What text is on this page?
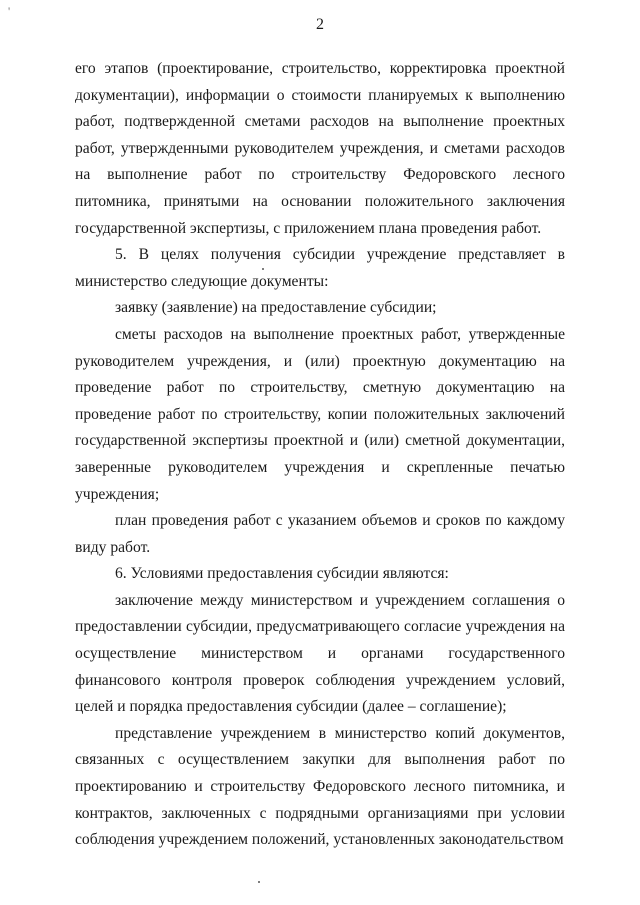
'
2

его этапов (проектирование, строительство, корректировка проектной документации), информации о стоимости планируемых к выполнению работ, подтвержденной сметами расходов на выполнение проектных работ, утвержденными руководителем учреждения, и сметами расходов на выполнение работ по строительству Федоровского лесного питомника, принятыми на основании положительного заключения государственной экспертизы, с приложением плана проведения работ.

5. В целях получения субсидии учреждение представляет в министерство следующие документы:

заявку (заявление) на предоставление субсидии;

сметы расходов на выполнение проектных работ, утвержденные руководителем учреждения, и (или) проектную документацию на проведение работ по строительству, сметную документацию на проведение работ по строительству, копии положительных заключений государственной экспертизы проектной и (или) сметной документации, заверенные руководителем учреждения и скрепленные печатью учреждения;

план проведения работ с указанием объемов и сроков по каждому виду работ.

6. Условиями предоставления субсидии являются:

заключение между министерством и учреждением соглашения о предоставлении субсидии, предусматривающего согласие учреждения на осуществление министерством и органами государственного финансового контроля проверок соблюдения учреждением условий, целей и порядка предоставления субсидии (далее – соглашение);

представление учреждением в министерство копий документов, связанных с осуществлением закупки для выполнения работ по проектированию и строительству Федоровского лесного питомника, и контрактов, заключенных с подрядными организациями при условии соблюдения учреждением положений, установленных законодательством
